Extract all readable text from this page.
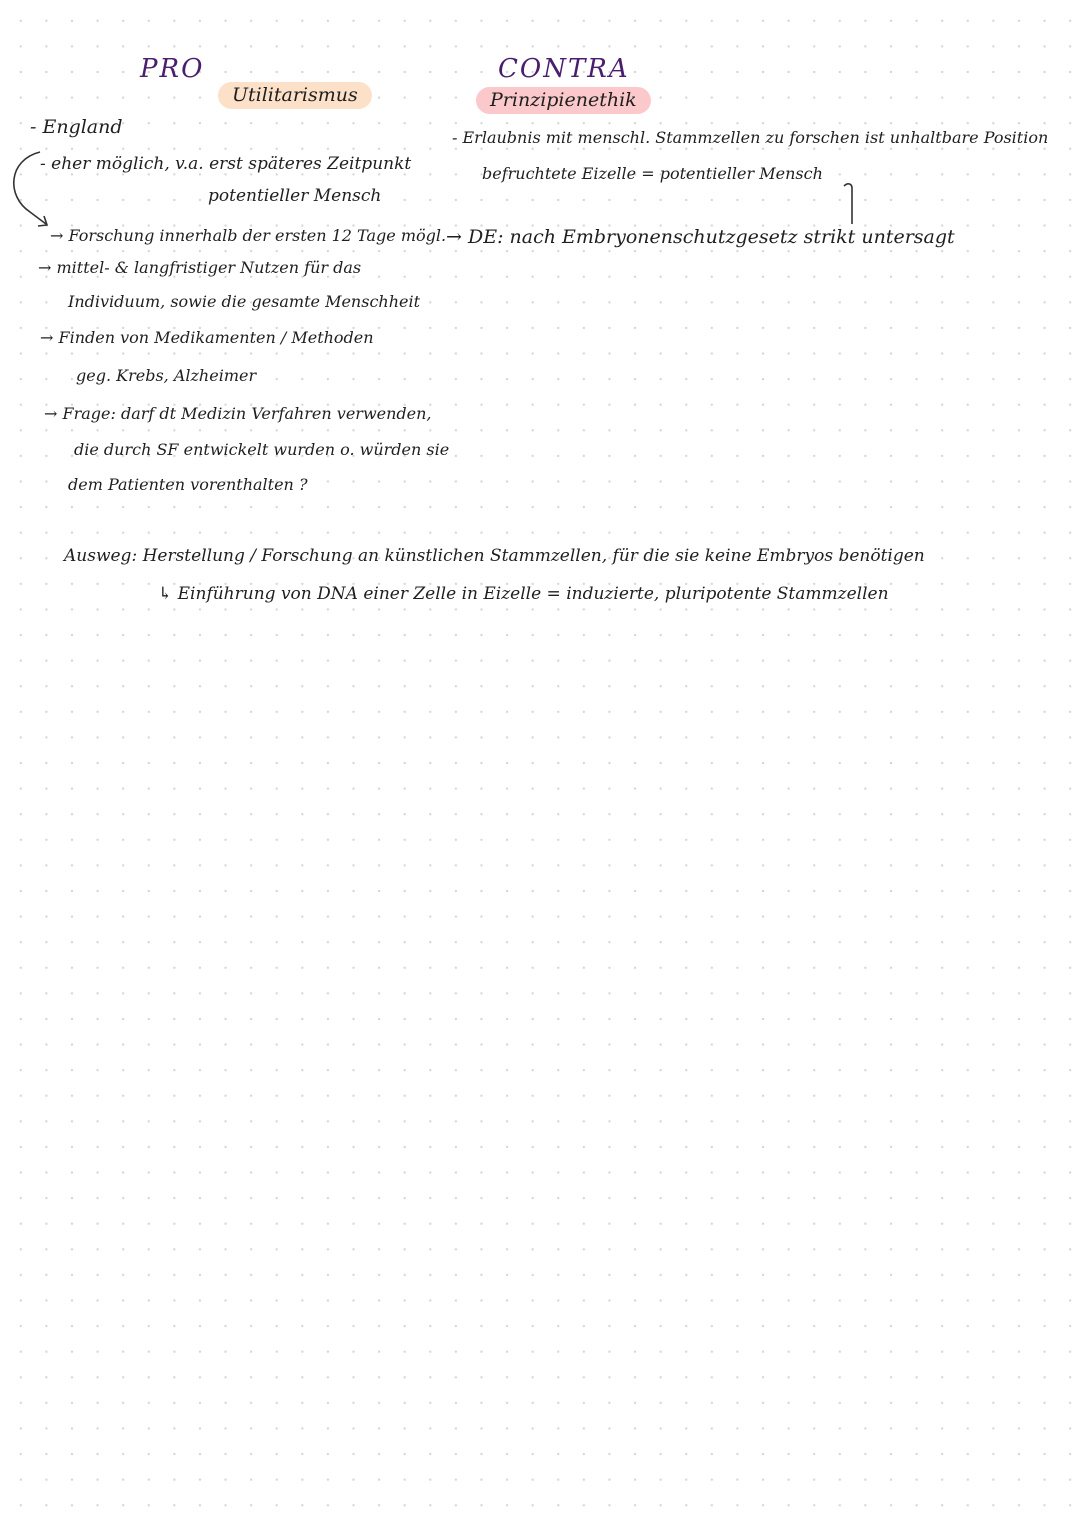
PRO
Utilitarismus
- England
- eher möglich, v.a. erst späteres Zeitpunkt
potentieller Mensch
→ Forschung innerhalb der ersten 12 Tage mögl.
→ mittel- & langfristiger Nutzen für das
Individuum, sowie die gesamte Menschheit
→ Finden von Medikamenten / Methoden
geg. Krebs, Alzheimer
→ Frage: darf dt Medizin Verfahren verwenden,
die durch SF entwickelt wurden o. würden sie
dem Patienten vorenthalten ?
CONTRA
Prinzipienethik
- Erlaubnis mit menschl. Stammzellen zu forschen ist unhaltbare Position
befruchtete Eizelle = potentieller Mensch
→ DE: nach Embryonenschutzgesetz strikt untersagt
Ausweg: Herstellung / Forschung an künstlichen Stammzellen, für die sie keine Embryos benötigen
↳ Einführung von DNA einer Zelle in Eizelle = induzierte, pluripotente Stammzellen
